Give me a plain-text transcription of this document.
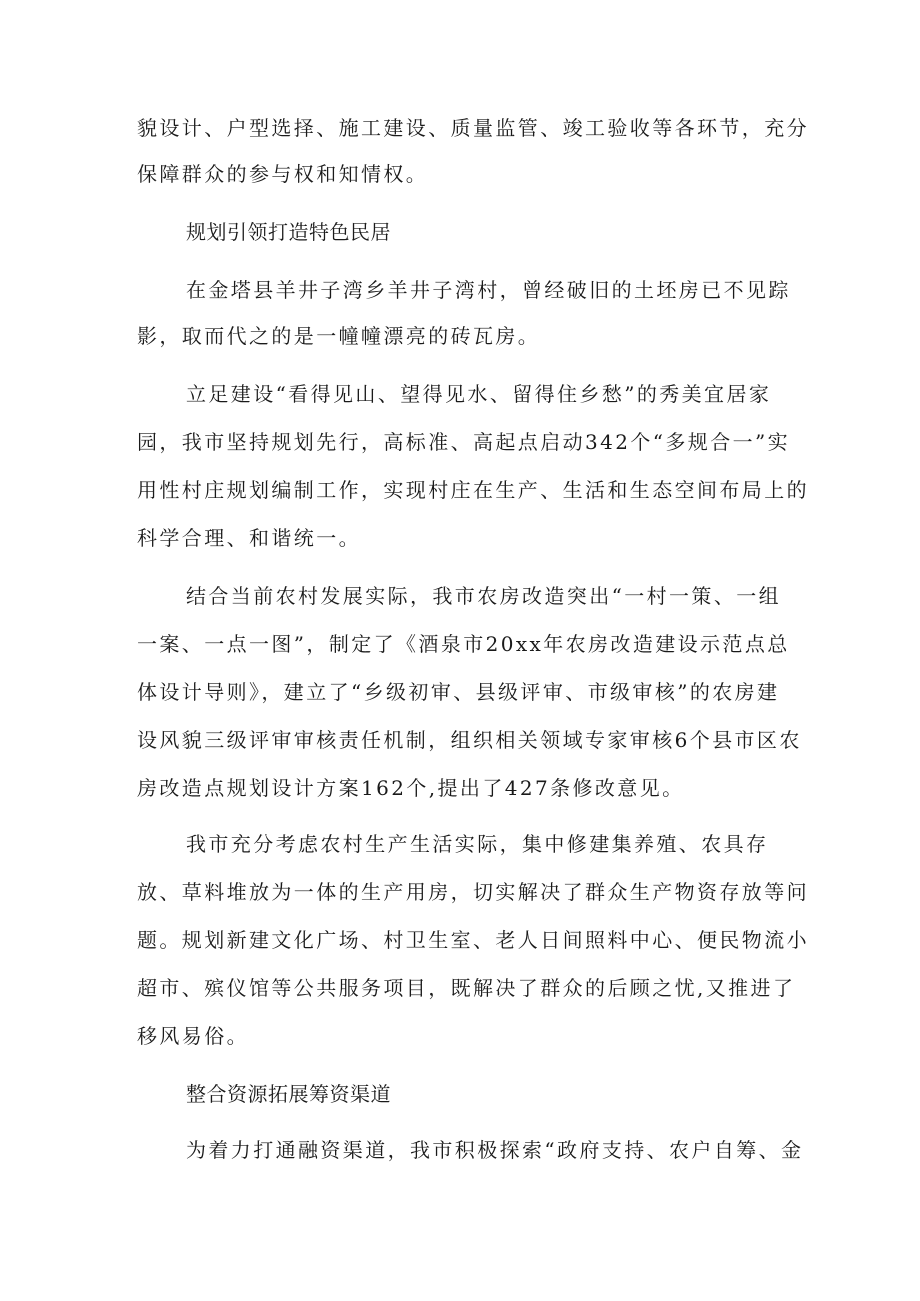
貌设计、户型选择、施工建设、质量监管、竣工验收等各环节，充分
保障群众的参与权和知情权。
规划引领打造特色民居
在金塔县羊井子湾乡羊井子湾村，曾经破旧的土坯房已不见踪
影，取而代之的是一幢幢漂亮的砖瓦房。
立足建设“看得见山、望得见水、留得住乡愁”的秀美宜居家
园，我市坚持规划先行，高标准、高起点启动342个“多规合一”实
用性村庄规划编制工作，实现村庄在生产、生活和生态空间布局上的
科学合理、和谐统一。
结合当前农村发展实际，我市农房改造突出“一村一策、一组
一案、一点一图”，制定了《酒泉市20xx年农房改造建设示范点总
体设计导则》，建立了“乡级初审、县级评审、市级审核”的农房建
设风貌三级评审审核责任机制，组织相关领域专家审核6个县市区农
房改造点规划设计方案162个,提出了427条修改意见。
我市充分考虑农村生产生活实际，集中修建集养殖、农具存
放、草料堆放为一体的生产用房，切实解决了群众生产物资存放等问
题。规划新建文化广场、村卫生室、老人日间照料中心、便民物流小
超市、殡仪馆等公共服务项目，既解决了群众的后顾之忧,又推进了
移风易俗。
整合资源拓展筹资渠道
为着力打通融资渠道，我市积极探索“政府支持、农户自筹、金
